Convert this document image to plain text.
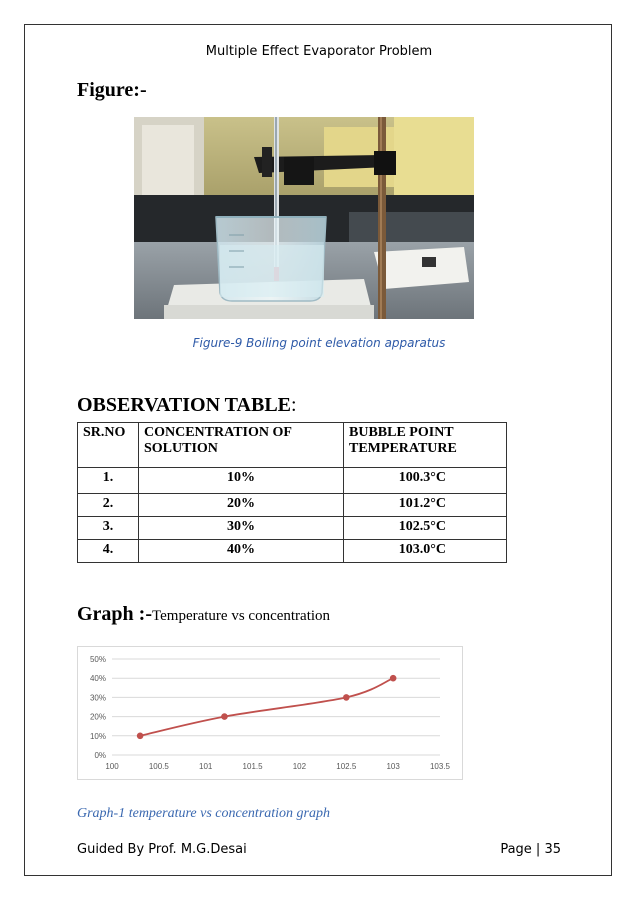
Multiple Effect Evaporator Problem
Figure:-
Figure-9 Boiling point elevation apparatus
OBSERVATION TABLE:
SR.NO	CONCENTRATION OF SOLUTION	BUBBLE POINT TEMPERATURE
1.	10%	100.3°C
2.	20%	101.2°C
3.	30%	102.5°C
4.	40%	103.0°C
Graph :-Temperature vs concentration
0%
10%
20%
30%
40%
50%
100	100.5	101	101.5	102	102.5	103	103.5
Graph-1 temperature vs concentration graph
Guided By Prof. M.G.Desai	Page | 35
